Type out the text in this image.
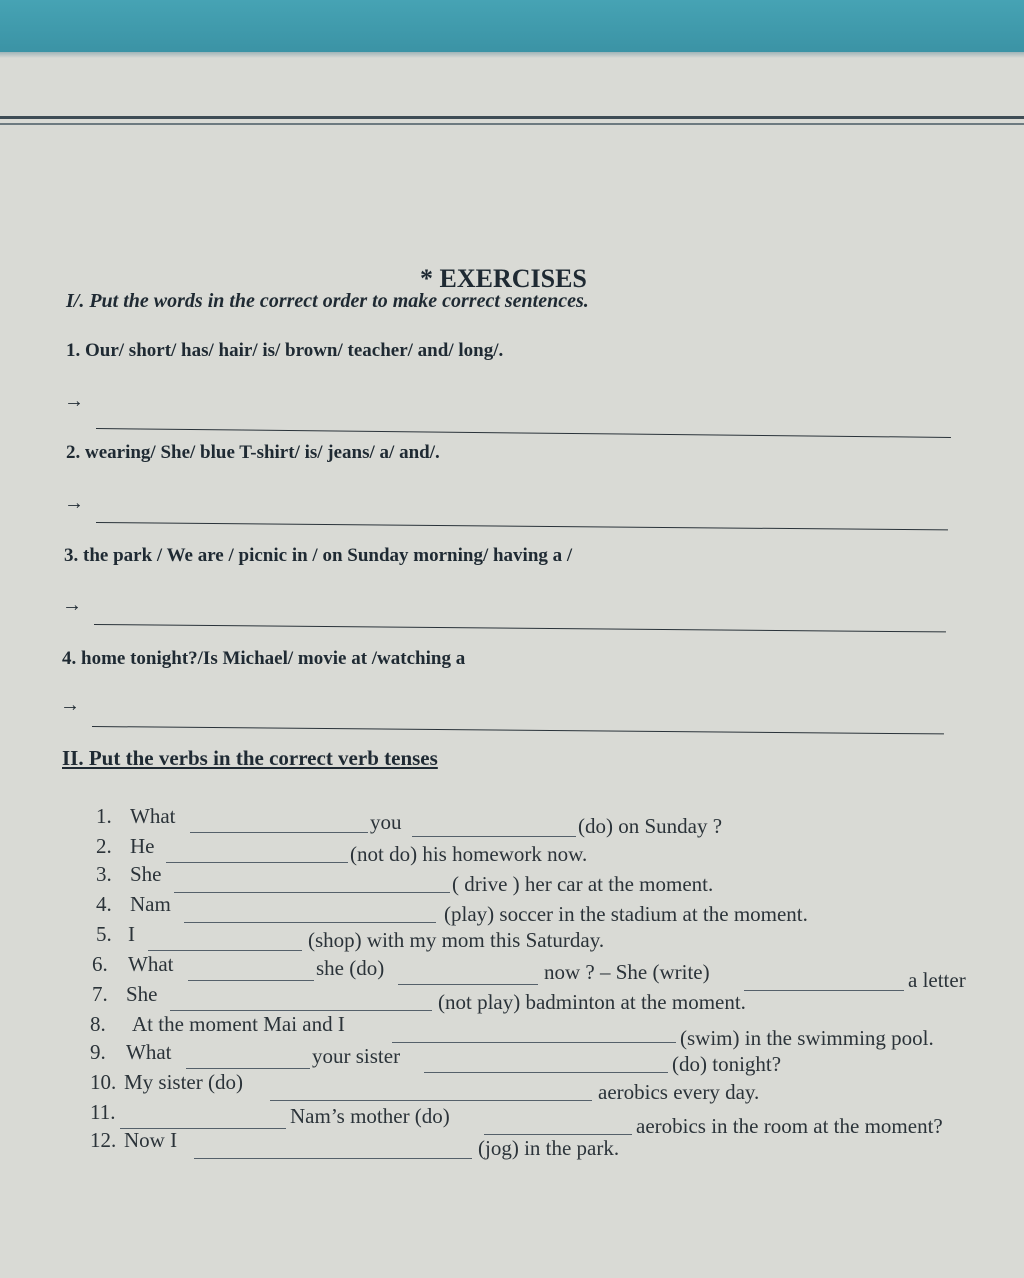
* EXERCISES
I/. Put the words in the correct order to make correct sentences.
1. Our/ short/ has/ hair/ is/ brown/ teacher/ and/ long/.
→
2. wearing/ She/ blue T-shirt/ is/ jeans/ a/ and/.
→
3. the park / We are / picnic in / on Sunday morning/ having a /
→
4. home tonight?/Is Michael/ movie at /watching a
→
II. Put the verbs in the correct verb tenses
1. What	you	(do) on Sunday ?
2. He	(not do) his homework now.
3. She	( drive ) her car at the moment.
4. Nam	(play) soccer in the stadium at the moment.
5. I	(shop) with my mom this Saturday.
6. What	she (do)	now ? – She (write)	a letter
7. She	(not play) badminton at the moment.
8. At the moment Mai and I
(swim) in the swimming pool.
9. What	your sister	(do) tonight?
10. My sister (do)	aerobics every day.
11.	Nam’s mother (do)	aerobics in the room at the moment?
12. Now I	(jog) in the park.
